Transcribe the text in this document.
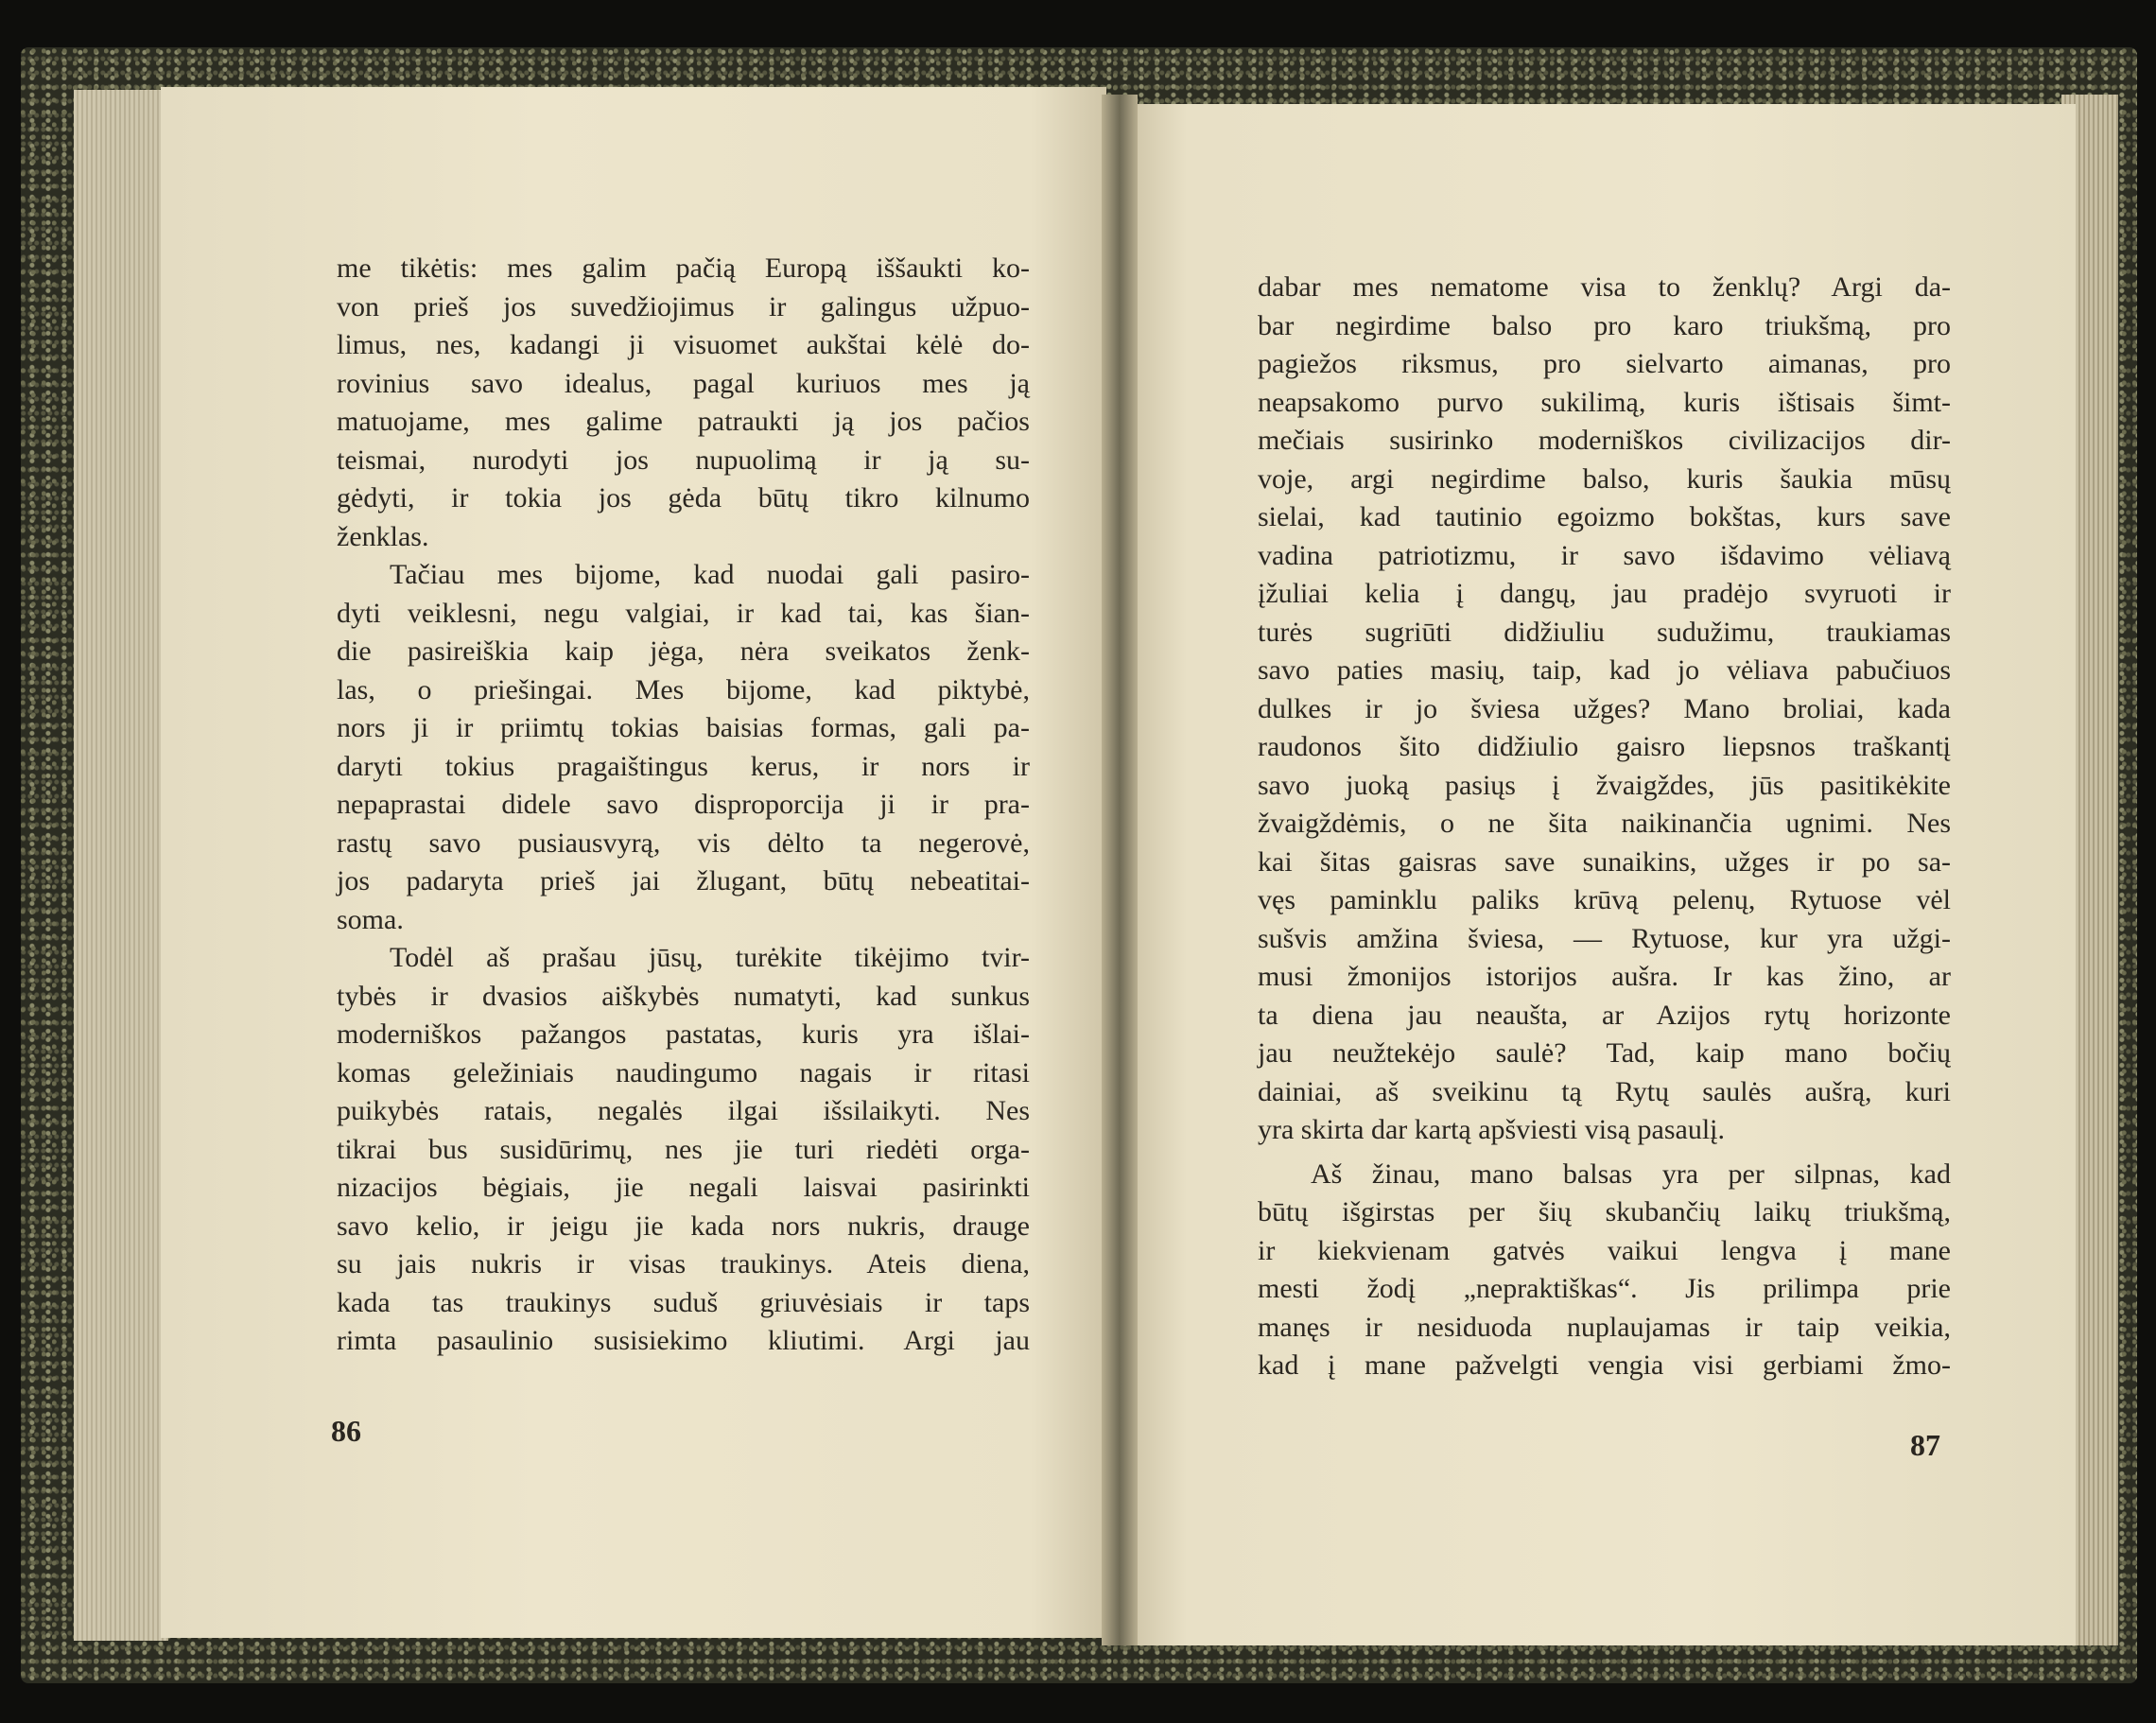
me tikėtis: mes galim pačią Europą iššaukti ko-
von prieš jos suvedžiojimus ir galingus užpuo-
limus, nes, kadangi ji visuomet aukštai kėlė do-
rovinius savo idealus, pagal kuriuos mes ją
matuojame, mes galime patraukti ją jos pačios
teismai, nurodyti jos nupuolimą ir ją su-
gėdyti, ir tokia jos gėda būtų tikro kilnumo
ženklas.
Tačiau mes bijome, kad nuodai gali pasiro-
dyti veiklesni, negu valgiai, ir kad tai, kas šian-
die pasireiškia kaip jėga, nėra sveikatos ženk-
las, o priešingai. Mes bijome, kad piktybė,
nors ji ir priimtų tokias baisias formas, gali pa-
daryti tokius pragaištingus kerus, ir nors ir
nepaprastai didele savo disproporcija ji ir pra-
rastų savo pusiausvyrą, vis dėlto ta negerovė,
jos padaryta prieš jai žlugant, būtų nebeatitai-
soma.
Todėl aš prašau jūsų, turėkite tikėjimo tvir-
tybės ir dvasios aiškybės numatyti, kad sunkus
moderniškos pažangos pastatas, kuris yra išlai-
komas geležiniais naudingumo nagais ir ritasi
puikybės ratais, negalės ilgai išsilaikyti. Nes
tikrai bus susidūrimų, nes jie turi riedėti orga-
nizacijos bėgiais, jie negali laisvai pasirinkti
savo kelio, ir jeigu jie kada nors nukris, drauge
su jais nukris ir visas traukinys. Ateis diena,
kada tas traukinys suduš griuvėsiais ir taps
rimta pasaulinio susisiekimo kliutimi. Argi jau
86
dabar mes nematome visa to ženklų? Argi da-
bar negirdime balso pro karo triukšmą, pro
pagiežos riksmus, pro sielvarto aimanas, pro
neapsakomo purvo sukilimą, kuris ištisais šimt-
mečiais susirinko moderniškos civilizacijos dir-
voje, argi negirdime balso, kuris šaukia mūsų
sielai, kad tautinio egoizmo bokštas, kurs save
vadina patriotizmu, ir savo išdavimo vėliavą
įžuliai kelia į dangų, jau pradėjo svyruoti ir
turės sugriūti didžiuliu sudužimu, traukiamas
savo paties masių, taip, kad jo vėliava pabučiuos
dulkes ir jo šviesa užges? Mano broliai, kada
raudonos šito didžiulio gaisro liepsnos traškantį
savo juoką pasiųs į žvaigždes, jūs pasitikėkite
žvaigždėmis, o ne šita naikinančia ugnimi. Nes
kai šitas gaisras save sunaikins, užges ir po sa-
vęs paminklu paliks krūvą pelenų, Rytuose vėl
sušvis amžina šviesa, — Rytuose, kur yra užgi-
musi žmonijos istorijos aušra. Ir kas žino, ar
ta diena jau neaušta, ar Azijos rytų horizonte
jau neužtekėjo saulė? Tad, kaip mano bočių
dainiai, aš sveikinu tą Rytų saulės aušrą, kuri
yra skirta dar kartą apšviesti visą pasaulį.
Aš žinau, mano balsas yra per silpnas, kad
būtų išgirstas per šių skubančių laikų triukšmą,
ir kiekvienam gatvės vaikui lengva į mane
mesti žodį „nepraktiškas“. Jis prilimpa prie
manęs ir nesiduoda nuplaujamas ir taip veikia,
kad į mane pažvelgti vengia visi gerbiami žmo-
87
